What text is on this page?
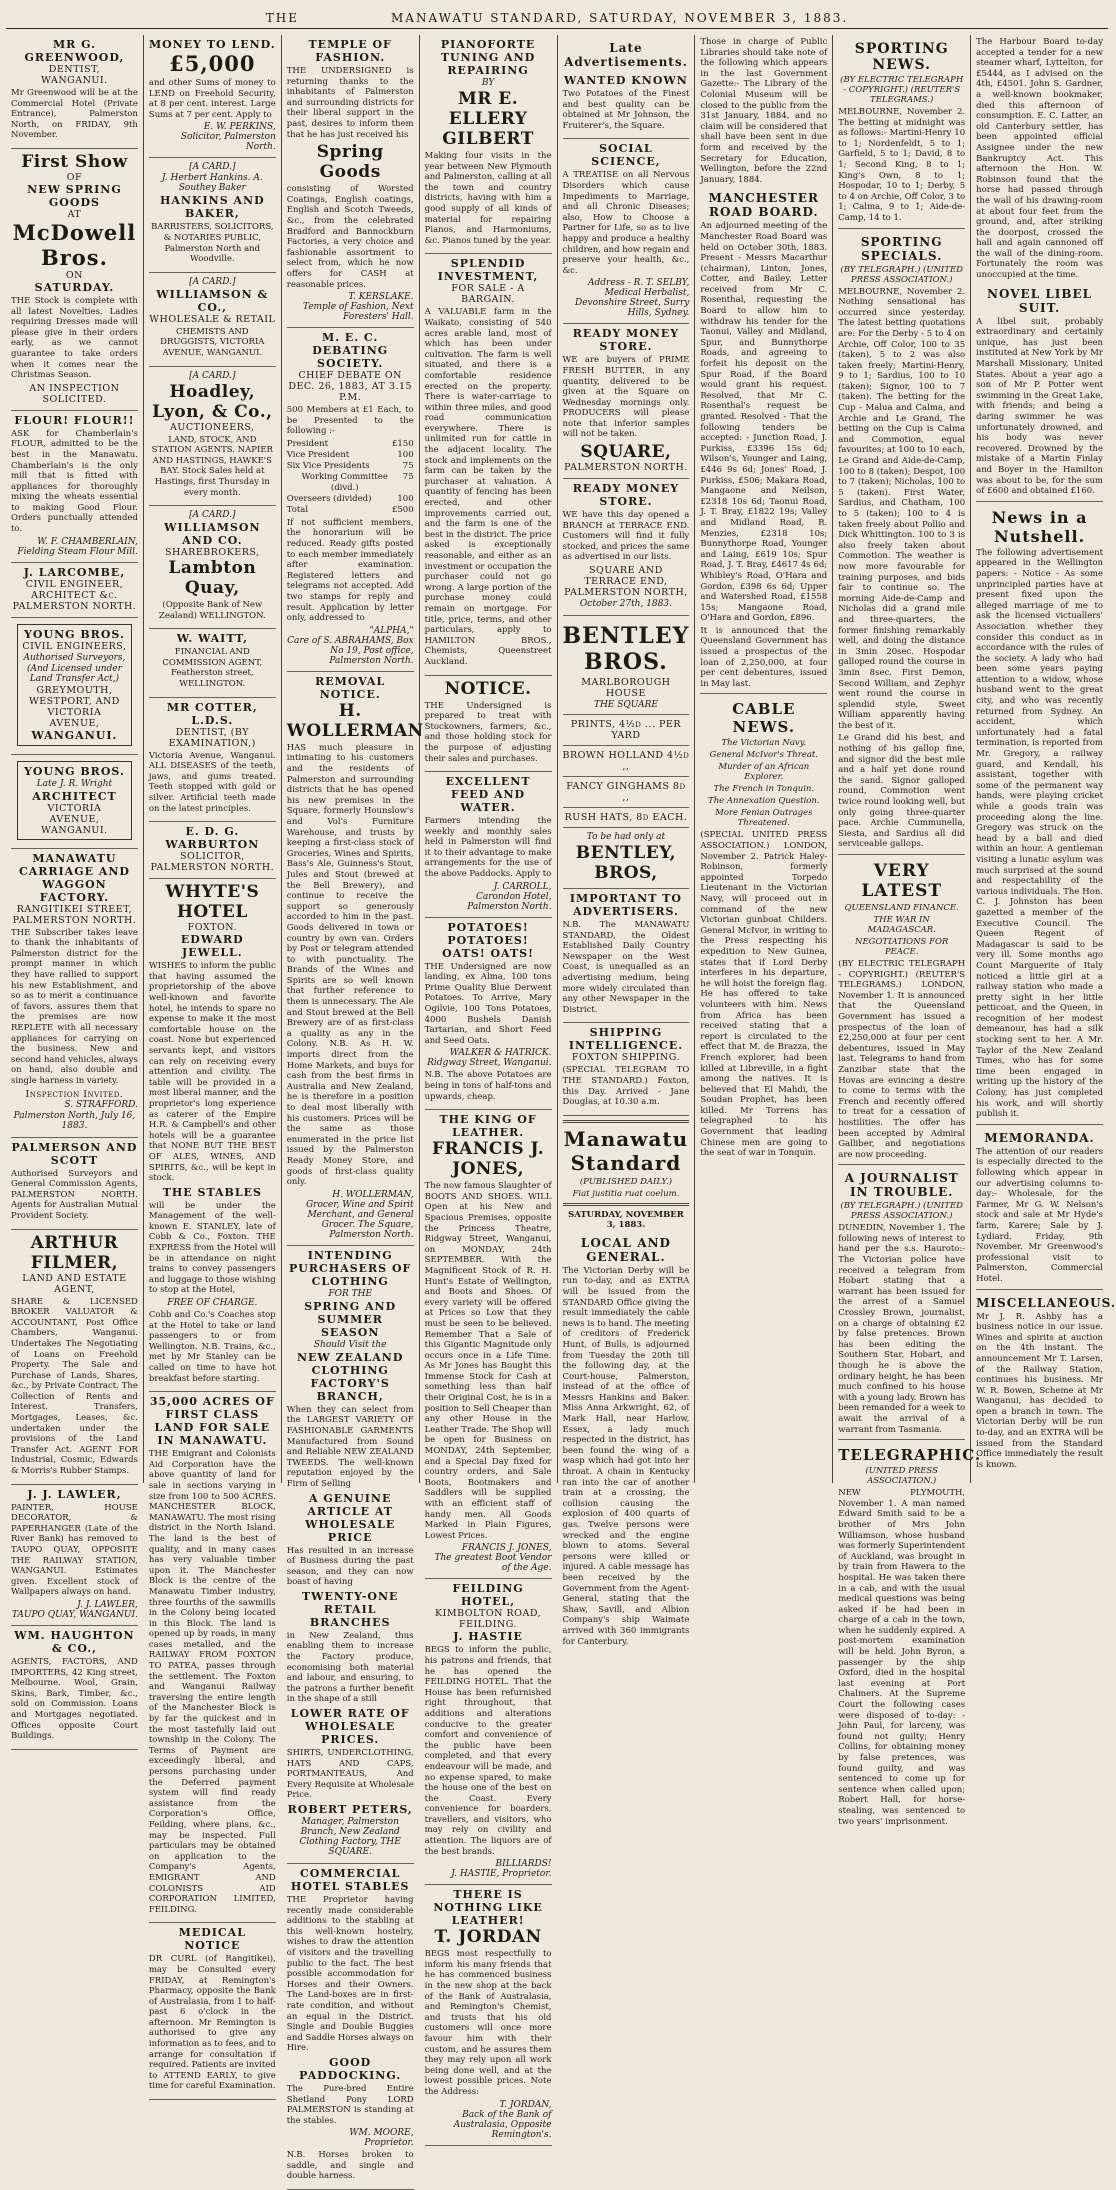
THE	MANAWATU STANDARD, SATURDAY, NOVEMBER 3, 1883.
MR G. GREENWOOD,
DENTIST,
WANGANUI.
Mr Greenwood will be at the Commercial Hotel (Private Entrance), Palmerston North, on FRIDAY, 9th November.
First Show
OF
NEW SPRING GOODS
AT
McDowell Bros.
ON
SATURDAY.
THE Stock is complete with all latest Novelties. Ladies requiring Dresses made will please give in their orders early, as we cannot guarantee to take orders when it comes near the Christmas Season.
AN INSPECTION SOLICITED.
FLOUR! FLOUR!!
ASK for Chamberlain's FLOUR, admitted to be the best in the Manawatu. Chamberlain's is the only mill that is fitted with appliances for thoroughly mixing the wheats essential to making Good Flour. Orders punctually attended to.
W. F. CHAMBERLAIN,
Fielding Steam Flour Mill.
J. LARCOMBE,
CIVIL ENGINEER,
ARCHITECT &c.
PALMERSTON NORTH.
YOUNG BROS.
CIVIL ENGINEERS,
Authorised Surveyors,
(And Licensed under Land Transfer Act,)
GREYMOUTH, WESTPORT, AND VICTORIA AVENUE,
WANGANUI.
YOUNG BROS.
Late J. R. Wright
ARCHITECT
VICTORIA AVENUE, WANGANUI.
MANAWATU CARRIAGE AND WAGGON FACTORY.
RANGITIKEI STREET, PALMERSTON NORTH.
THE Subscriber takes leave to thank the inhabitants of Palmerston district for the prompt manner in which they have rallied to support his new Establishment, and so as to merit a continuance of favors, assures them that the premises are now REPLETE with all necessary appliances for carrying on the business. New and second hand vehicles, always on hand, also double and single harness in variety.
Inspection Invited.
S. STRAFFORD.
Palmerston North, July 16, 1883.
PALMERSON AND SCOTT
Authorised Surveyors and General Commission Agents, PALMERSTON NORTH. Agents for Australian Mutual Provident Society.
ARTHUR FILMER,
LAND AND ESTATE AGENT,
SHARE & LICENSED BROKER VALUATOR & ACCOUNTANT, Post Office Chambers, Wanganui. Undertakes The Negotiating of Loans on Freehold Property. The Sale and Purchase of Lands, Shares, &c., by Private Contract. The Collection of Rents and Interest. Transfers, Mortgages, Leases, &c. undertaken under the provisions of the Land Transfer Act. AGENT FOR Industrial, Cosmic, Edwards & Morris's Rubber Stamps.
J. J. LAWLER,
PAINTER, HOUSE DECORATOR, & PAPERHANGER (Late of the River Bank) has removed to TAUPO QUAY, OPPOSITE THE RAILWAY STATION, WANGANUI. Estimates given. Excellent stock of Wallpapers always on hand.
J. J. LAWLER,
TAUPO QUAY, WANGANUI.
WM. HAUGHTON & CO.,
AGENTS, FACTORS, AND IMPORTERS, 42 King street, Melbourne. Wool, Grain, Skins, Bark, Timber, &c., sold on Commission. Loans and Mortgages negotiated. Offices opposite Court Buildings.
MONEY TO LEND.
£5,000
and other Sums of money to LEND on Freehold Security, at 8 per cent. interest. Large Sums at 7 per cent. Apply to
E. W. PERKINS,
Solicitor, Palmerston North.
[A CARD.]
J. Herbert Hankins. A. Southey Baker
HANKINS AND BAKER,
BARRISTERS, SOLICITORS, & NOTARIES PUBLIC, Palmerston North and Woodville.
[A CARD.]
WILLIAMSON & CO.,
WHOLESALE & RETAIL
CHEMISTS AND DRUGGISTS, VICTORIA AVENUE, WANGANUI.
[A CARD.]
Hoadley, Lyon, & Co.,
AUCTIONEERS,
LAND, STOCK, AND STATION AGENTS. NAPIER AND HASTINGS, HAWKE'S BAY. Stock Sales held at Hastings, first Thursday in every month.
[A CARD.]
WILLIAMSON AND CO.
SHAREBROKERS,
Lambton Quay,
(Opposite Bank of New Zealand) WELLINGTON.
W. WAITT,
FINANCIAL AND COMMISSION AGENT, Featherston street, WELLINGTON.
MR COTTER, L.D.S.
DENTIST, (BY EXAMINATION,)
Victoria Avenue, Wanganui. ALL DISEASES of the teeth, jaws, and gums treated. Teeth stopped with gold or silver. Artificial teeth made on the latest principles.
E. D. G. WARBURTON
SOLICITOR,
PALMERSTON NORTH.
WHYTE'S HOTEL
FOXTON.
EDWARD JEWELL.
WISHES to inform the public that having assumed the proprietorship of the above well-known and favorite hotel, he intends to spare no expense to make it the most comfortable house on the coast. None but experienced servants kept, and visitors can rely on receiving every attention and civility. The table will be provided in a most liberal manner, and the proprietor's long experience as caterer of the Empire H.R. & Campbell's and other hotels will be a guarantee that NONE BUT THE BEST OF ALES, WINES, AND SPIRITS, &c., will be kept in stock.
THE STABLES
will be under the Management of the well-known E. STANLEY, late of Cobb & Co., Foxton. THE EXPRESS from the Hotel will be in attendance on night trains to convey passengers and luggage to those wishing to stop at the Hotel,
FREE OF CHARGE.
Cobb and Co.'s Coaches stop at the Hotel to take or land passengers to or from Wellington. N.B. Trains, &c., met by Mr Stanley can be called on time to have hot breakfast before starting.
35,000 ACRES OF FIRST CLASS LAND FOR SALE IN MANAWATU.
THE Emigrant and Colonists Aid Corporation have the above quantity of land for sale in sections varying in size from 100 to 500 ACRES. MANCHESTER BLOCK, MANAWATU. The most rising district in the North Island. The land is the best of quality, and in many cases has very valuable timber upon it. The Manchester Block is the centre of the Manawatu Timber industry, three fourths of the sawmills in the Colony being located in this Block. The land is opened up by roads, in many cases metalled, and the RAILWAY FROM FOXTON TO PATEA, passes through the settlement. The Foxton and Wanganui Railway traversing the entire length of the Manchester Block is by far the quickest and in the most tastefully laid out township in the Colony. The Terms of Payment are exceedingly liberal, and persons purchasing under the Deferred payment system will find ready assistance from the Corporation's Office, Feilding, where plans, &c., may be inspected. Full particulars may be obtained on application to the Company's Agents, EMIGRANT AND COLONISTS AID CORPORATION LIMITED, FEILDING.
MEDICAL NOTICE
DR CURL (of Rangitikei), may be Consulted every FRIDAY, at Remington's Pharmacy, opposite the Bank of Australasia, from 1 to half-past 6 o'clock in the afternoon. Mr Remington is authorised to give any information as to fees, and to arrange for consultation if required. Patients are invited to ATTEND EARLY, to give time for careful Examination.
TEMPLE OF FASHION.
THE UNDERSIGNED is returning thanks to the inhabitants of Palmerston and surrounding districts for their liberal support in the past, desires to inform them that he has just received his
Spring Goods
consisting of Worsted Coatings, English coatings, English and Scotch Tweeds, &c., from the celebrated Bradford and Bannockburn Factories, a very choice and fashionable assortment to select from, which he now offers for CASH at reasonable prices.
T. KERSLAKE.
Temple of Fashion, Next Foresters' Hall.
M. E. C. DEBATING SOCIETY.
CHIEF DEBATE ON DEC. 26, 1883, AT 3.15 P.M.
500 Members at £1 Each, to be Presented to the following :-
President	£150
Vice President	100
Six Vice Presidents	75
Working Committee (divd.)
75
Overseers (divided)	100
Total	£500
If not sufficient members, the honorarium will be reduced. Ready gifts posted to each member immediately after examination. Registered letters and telegrams not accepted. Add two stamps for reply and result. Application by letter only, addressed to
"ALPHA,"
Care of S. ABRAHAMS, Box No 19, Post office, Palmerston North.
REMOVAL NOTICE.
H. WOLLERMAN
HAS much pleasure in intimating to his customers and the residents of Palmerston and surrounding districts that he has opened his new premises in the Square, formerly Hounslow's and Vol's Furniture Warehouse, and trusts by keeping a first-class stock of Groceries, Wines and Spirits, Bass's Ale, Guinness's Stout, Jules and Stout (brewed at the Bell Brewery), and continue to receive the support so generously accorded to him in the past. Goods delivered in town or country by own van. Orders by Post or telegram attended to with punctuality. The Brands of the Wines and Spirits are so well known that further reference to them is unnecessary. The Ale and Stout brewed at the Bell Brewery are of as first-class a quality as any in the Colony. N.B. As H. W. imports direct from the Home Markets, and buys for cash from the best firms in Australia and New Zealand, he is therefore in a position to deal most liberally with his customers. Prices will be the same as those enumerated in the price list issued by the Palmerston Ready Money Store, and goods of first-class quality only.
H. WOLLERMAN,
Grocer, Wine and Spirit Merchant, and General Grocer. The Square, Palmerston North.
INTENDING PURCHASERS OF CLOTHING
FOR THE
SPRING AND SUMMER SEASON
Should Visit the
NEW ZEALAND CLOTHING FACTORY'S BRANCH,
When they can select from the LARGEST VARIETY OF FASHIONABLE GARMENTS Manufactured from Sound and Reliable NEW ZEALAND TWEEDS. The well-known reputation enjoyed by the Firm of Selling
A GENUINE ARTICLE AT WHOLESALE PRICE
Has resulted in an increase of Business during the past season, and they can now boast of having
TWENTY-ONE RETAIL BRANCHES
in New Zealand, thus enabling them to increase the Factory produce, economising both material and labour, and ensuring, to the patrons a further benefit in the shape of a still
LOWER RATE OF WHOLESALE PRICES.
SHIRTS, UNDERCLOTHING, HATS AND CAPS, PORTMANTEAUS, And Every Requisite at Wholesale Price.
ROBERT PETERS,
Manager, Palmerston Branch, New Zealand Clothing Factory, THE SQUARE.
COMMERCIAL HOTEL STABLES
THE Proprietor having recently made considerable additions to the stabling at this well-known hostelry, wishes to draw the attention of visitors and the travelling public to the fact. The best possible accommodation for Horses and their Owners. The Land-boxes are in first-rate condition, and without an equal in the District. Single and Double Buggies and Saddle Horses always on Hire.
GOOD PADDOCKING.
The Pure-bred Entire Shetland Pony LORD PALMERSTON is standing at the stables.
WM. MOORE,
Proprietor.
N.B. Horses broken to saddle, and single and double harness.
PIANOFORTE TUNING AND REPAIRING
BY
MR E. ELLERY GILBERT
Making four visits in the year between New Plymouth and Palmerston, calling at all the town and country districts, having with him a good supply of all kinds of material for repairing Pianos, and Harmoniums, &c. Pianos tuned by the year.
SPLENDID INVESTMENT,
FOR SALE - A BARGAIN.
A VALUABLE farm in the Waikato, consisting of 540 acres arable land, most of which has been under cultivation. The farm is well situated, and there is a comfortable residence erected on the property. There is water-carriage to within three miles, and good road communication everywhere. There is unlimited run for cattle in the adjacent locality. The stock and implements on the farm can be taken by the purchaser at valuation. A quantity of fencing has been erected, and other improvements carried out, and the farm is one of the best in the district. The price asked is exceptionally reasonable, and either as an investment or occupation the purchaser could not go wrong. A large portion of the purchase money could remain on mortgage. For title, price, terms, and other particulars, apply to HAMILTON BROS., Chemists, Queenstreet Auckland.
NOTICE.
THE Undersigned is prepared to treat with Stockowners, farmers, &c., and those holding stock for the purpose of adjusting their sales and purchases.
EXCELLENT FEED AND WATER.
Farmers intending the weekly and monthly sales held in Palmerston will find it to their advantage to make arrangements for the use of the above Paddocks. Apply to
J. CARROLL,
Carondon Hotel, Palmerston North.
POTATOES! POTATOES!
OATS! OATS!
THE Undersigned are now landing, ex Alma, 100 tons Prime Quality Blue Derwent Potatoes. To Arrive, Mary Ogilvie, 100 Tons Potatoes, 4000 Bushels Danish Tartarian, and Short Feed and Seed Oats.
WALKER & HATRICK.
Ridgway Street, Wanganui.
N.B. The above Potatoes are being in tons of half-tons and upwards, cheap.
THE KING OF LEATHER.
FRANCIS J. JONES,
The now famous Slaughter of BOOTS AND SHOES. WILL Open at his New and Spacious Premises, opposite the Princess Theatre, Ridgway Street, Wanganui, on MONDAY, 24th SEPTEMBER. With the Magnificent Stock of R. H. Hunt's Estate of Wellington, and Boots and Shoes. Of every variety will be offered at Prices so Low that they must be seen to be believed. Remember That a Sale of this Gigantic Magnitude only occurs once in a Life Time. As Mr Jones has Bought this Immense Stock for Cash at something less than half their Original Cost, he is in a position to Sell Cheaper than any other House in the Leather Trade. The Shop will be open for Business on MONDAY, 24th September, and a Special Day fixed for country orders, and Sale Boots, Bootmakers and Saddlers will be supplied with an efficient staff of handy men. All Goods Marked in Plain Figures, Lowest Prices.
FRANCIS J. JONES,
The greatest Boot Vendor of the Age.
FEILDING HOTEL,
KIMBOLTON ROAD, FEILDING.
J. HASTIE
BEGS to inform the public, his patrons and friends, that he has opened the FEILDING HOTEL. That the House has been refurnished right throughout, that additions and alterations conducive to the greater comfort and convenience of the public have been completed, and that every endeavour will be made, and no expense spared, to make the house one of the best on the Coast. Every convenience for boarders, travellers, and visitors, who may rely on civility and attention. The liquors are of the best brands.
BILLIARDS!
J. HASTIE, Proprietor.
THERE IS NOTHING LIKE LEATHER!
T. JORDAN
BEGS most respectfully to inform his many friends that he has commenced business in the new shop at the back of the Bank of Australasia, and Remington's Chemist, and trusts that his old customers will once more favour him with their custom, and he assures them they may rely upon all work being done well, and at the lowest possible prices. Note the Address:
T. JORDAN,
Back of the Bank of Australasia, Opposite Remington's.
Late Advertisements.
WANTED KNOWN
Two Potatoes of the Finest and best quality can be obtained at Mr Johnson, the Fruiterer's, the Square.
SOCIAL SCIENCE,
A TREATISE on all Nervous Disorders which cause Impediments to Marriage, and all Chronic Diseases; also, How to Choose a Partner for Life, so as to live happy and produce a healthy children, and how regain and preserve your health, &c., &c.
Address - R. T. SELBY, Medical Herbalist,
Devonshire Street, Surry Hills, Sydney.
READY MONEY STORE.
WE are buyers of PRIME FRESH BUTTER, in any quantity, delivered to be given at the Square on Wednesday mornings only. PRODUCERS will please note that inferior samples will not be taken.
SQUARE,
PALMERSTON NORTH.
READY MONEY STORE.
WE have this day opened a BRANCH at TERRACE END. Customers will find it fully stocked, and prices the same as advertised in our lists.
SQUARE AND TERRACE END,
PALMERSTON NORTH,
October 27th, 1883.
BENTLEY BROS.
MARLBOROUGH HOUSE
THE SQUARE
PRINTS, 4½d ... PER YARD
BROWN HOLLAND 4½d ,,
FANCY GINGHAMS 8d ,,
RUSH HATS, 8d EACH.
To be had only at
BENTLEY, BROS,
IMPORTANT TO ADVERTISERS.
N.B. The MANAWATU STANDARD, the Oldest Established Daily Country Newspaper on the West Coast, is unequalled as an advertising medium, being more widely circulated than any other Newspaper in the District.
SHIPPING INTELLIGENCE.
FOXTON SHIPPING.
(SPECIAL TELEGRAM TO THE STANDARD.) Foxton, this Day. Arrived - Jane Douglas, at 10.30 a.m.
Manawatu Standard
(PUBLISHED DAILY.)
Fiat justitia ruat coelum.
SATURDAY, NOVEMBER 3, 1883.
LOCAL AND GENERAL.
The Victorian Derby will be run to-day, and as EXTRA will be issued from the STANDARD Office giving the result immediately the cable news is to hand. The meeting of creditors of Frederick Hunt, of Bulls, is adjourned from Tuesday the 20th till the following day, at the Court-house, Palmerston, instead of at the office of Messrs Hankins and Baker. Miss Anna Arkwright, 62, of Mark Hall, near Harlow, Essex, a lady much respected in the district, has been found the wing of a wasp which had got into her throat. A chain in Kentucky ran into the car of another train at a crossing, the collision causing the explosion of 400 quarts of gas. Twelve persons were wrecked and the engine blown to atoms. Several persons were killed or injured. A cable message has been received by the Government from the Agent-General, stating that the Shaw, Savill, and Albion Company's ship Waimate arrived with 360 immigrants for Canterbury.
Those in charge of Public Libraries should take note of the following which appears in the last Government Gazette:- The Library of the Colonial Museum will be closed to the public from the 31st January, 1884, and no claim will be considered that shall have been sent in due form and received by the Secretary for Education, Wellington, before the 22nd January, 1884.
MANCHESTER ROAD BOARD.
An adjourned meeting of the Manchester Road Board was held on October 30th, 1883. Present - Messrs Macarthur (chairman), Linton, Jones, Cotter, and Bailey. Letter received from Mr C. Rosenthal, requesting the Board to allow him to withdraw his tender for the Taonui, Valley and Midland, Spur, and Bunnythorpe Roads, and agreeing to forfeit his deposit on the Spur Road, if the Board would grant his request. Resolved, that Mr C. Rosenthal's request be granted. Resolved - That the following tenders be accepted: - Junction Road, J. Purkiss, £3396 15s 6d; Wilson's, Younger and Laing, £446 9s 6d; Jones' Road, J. Purkiss, £506; Makara Road, Mangaone and Neilson, £2318 10s 6d; Taonui Road, J. T. Bray, £1822 19s; Valley and Midland Road, R. Menzies, £2318 10s; Bunnythorpe Road, Younger and Laing, £619 10s; Spur Road, J. T. Bray, £4617 4s 6d; Whibley's Road, O'Hara and Gordon, £398 6s 6d; Upper and Watershed Road, £1558 15s; Mangaone Road, O'Hara and Gordon, £896.
It is announced that the Queensland Government has issued a prospectus of the loan of 2,250,000, at four per cent debentures, issued in May last.
CABLE NEWS.
The Victorian Navy.
General McIvor's Threat.
Murder of an African Explorer.
The French in Tonquin.
The Annexation Question.
More Fenian Outrages Threatened.
(SPECIAL UNITED PRESS ASSOCIATION.) LONDON, November 2. Patrick Haley-Robinson, formerly appointed Torpedo Lieutenant in the Victorian Navy, will proceed out in command of the new Victorian gunboat Childers. General McIvor, in writing to the Press respecting his expedition to New Guinea, states that if Lord Derby interferes in his departure, he will hoist the foreign flag. He has offered to take volunteers with him. News from Africa has been received stating that a report is circulated to the effect that M. de Brazza, the French explorer, had been killed at Libreville, in a fight among the natives. It is believed that El Mahdi, the Soudan Prophet, has been killed. Mr Torrens has telegraphed to his Government that leading Chinese men are going to the seat of war in Tonquin.
SPORTING NEWS.
(BY ELECTRIC TELEGRAPH - COPYRIGHT.) (REUTER'S TELEGRAMS.)
MELBOURNE, November 2. The betting at midnight was as follows:- Martini-Henry 10 to 1; Nordenfeldt, 5 to 1; Garfield, 5 to 1; David, 8 to 1; Second King, 8 to 1; King's Own, 8 to 1; Hospodar, 10 to 1; Derby, 5 to 4 on Archie, Off Color, 3 to 1; Calma, 9 to 1; Aide-de-Camp, 14 to 1.
SPORTING SPECIALS.
(BY TELEGRAPH.) (UNITED PRESS ASSOCIATION.)
MELBOURNE, November 2. Nothing sensational has occurred since yesterday. The latest betting quotations are: For the Derby - 5 to 4 on Archie, Off Color, 100 to 35 (taken), 5 to 2 was also taken freely; Martini-Henry, 9 to 1; Sardius, 100 to 10 (taken); Signor, 100 to 7 (taken). The betting for the Cup - Malua and Calma, and Archie and Le Grand, The betting on the Cup is Calma and Commotion, equal favourites; at 100 to 10 each, Le Grand and Aide-de-Camp, 100 to 8 (taken); Despot, 100 to 7 (taken); Nicholas, 100 to 5 (taken). First Water, Sardius, and Chatham, 100 to 5 (taken); 100 to 4 is taken freely about Pollio and Dick Whittington. 100 to 3 is also freely taken about Commotion. The weather is now more favourable for training purposes, and bids fair to continue so. The morning Aide-de-Camp and Nicholas did a grand mile and three-quarters, the former finishing remarkably well, and doing the distance in 3min 20sec. Hospodar galloped round the course in 3min 8sec. First Demon, Second William, and Zephyr went round the course in splendid style, Sweet William apparently having the best of it.
Le Grand did his best, and nothing of his gallop fine, and signor did the best mile and a half yet done round the sand. Signor galloped round, Commotion went twice round looking well, but only going three-quarter pace. Archie Cummunella, Siesta, and Sardius all did serviceable gallops.
VERY LATEST
QUEENSLAND FINANCE.
THE WAR IN MADAGASCAR.
NEGOTIATIONS FOR PEACE.
(BY ELECTRIC TELEGRAPH - COPYRIGHT.) (REUTER'S TELEGRAMS.) LONDON, November 1. It is announced that the Queensland Government has issued a prospectus of the loan of £2,250,000 at four per cent debentures, issued in May last. Telegrams to hand from Zanzibar state that the Hovas are evincing a desire to come to terms with the French and recently offered to treat for a cessation of hostilities. The offer has been accepted by Admiral Galliber, and negotiations are now proceeding.
A JOURNALIST IN TROUBLE.
(BY TELEGRAPH.) (UNITED PRESS ASSOCIATION.)
DUNEDIN, November 1. The following news of interest to hand per the s.s. Hauroto:- The Victorian police have received a telegram from Hobart stating that a warrant has been issued for the arrest of a Samuel Crossley Brown, journalist, on a charge of obtaining £2 by false pretences. Brown has been editing the Southern Star, Hobart, and though he is above the ordinary height, he has been much confined to his house with a young lady. Brown has been remanded for a week to await the arrival of a warrant from Tasmania.
TELEGRAPHIC.
(UNITED PRESS ASSOCIATION.)
NEW PLYMOUTH, November 1. A man named Edward Smith said to be a brother of Mrs John Williamson, whose husband was formerly Superintendent of Auckland, was brought in by train from Hawera to the hospital. He was taken there in a cab, and with the usual medical questions was being asked if he had been in charge of a cab in the town, when he suddenly expired. A post-mortem examination will be held. John Byron, a passenger by the ship Oxford, died in the hospital last evening at Port Chalmers. At the Supreme Court the following cases were disposed of to-day: - John Paul, for larceny, was found not guilty; Henry Collins, for obtaining money by false pretences, was found guilty, and was sentenced to come up for sentence when called upon; Robert Hall, for horse-stealing, was sentenced to two years' imprisonment.
The Harbour Board to-day accepted a tender for a new steamer wharf, Lyttelton, for £5444, as I advised on the 4th, £4501. John S. Gardner, a well-known bookmaker, died this afternoon of consumption. E. C. Latter, an old Canterbury settler, has been appointed official Assignee under the new Bankruptcy Act. This afternoon the Hon. W. Robinson found that the horse had passed through the wall of his drawing-room at about four feet from the ground, and, after striking the doorpost, crossed the hall and again cannoned off the wall of the dining-room. Fortunately the room was unoccupied at the time.
NOVEL LIBEL SUIT.
A libel suit, probably extraordinary and certainly unique, has just been instituted at New York by Mr Marshall Missionary, United States. About a year ago a son of Mr P. Potter went swimming in the Great Lake, with friends; and being a daring swimmer he was unfortunately drowned, and his body was never recovered. Drowned by the mistake of a Martin Finlay and Boyer in the Hamilton was about to be, for the sum of £600 and obtained £160.
News in a Nutshell.
The following advertisement appeared in the Wellington papers: - Notice - As some unprincipled parties have at present fixed upon the alleged marriage of me to ask the licensed victuallers' Association whether they consider this conduct as in accordance with the rules of the society. A lady who had been some years paying attention to a widow, whose husband went to the great city, and who was recently returned from Sydney. An accident, which unfortunately had a fatal termination, is reported from Mr. Gregory, a railway guard, and Kendall, his assistant, together with some of the permanent way hands, were playing cricket while a goods train was proceeding along the line. Gregory was struck on the head by a ball and died within an hour. A gentleman visiting a lunatic asylum was much surprised at the sound and respectability of the various individuals. The Hon. C. J. Johnston has been gazetted a member of the Executive Council. The Queen Regent of Madagascar is said to be very ill. Some months ago Count Marguerite of Italy noticed a little girl at a railway station who made a pretty sight in her little petticoat, and the Queen, in recognition of her modest demeanour, has had a silk stocking sent to her. A Mr. Taylor of the New Zealand Times, who has for some time been engaged in writing up the history of the Colony, has just completed his work, and will shortly publish it.
MEMORANDA.
The attention of our readers is especially directed to the following which appear in our advertising columns to-day:- Wholesale, for the Farmer, Mr G. W. Nelson's stock and sale at Mr Hyde's farm, Karere; Sale by J. Lydiard. Friday, 9th November. Mr Greenwood's professional visit to Palmerston, Commercial Hotel.
MISCELLANEOUS.
Mr J. R. Ashby has a business notice in our issue. Wines and spirits at auction on the 4th instant. The announcement Mr T. Larsen, of the Railway Station, continues his business. Mr W. R. Bowen, Scheme at Mr Wanganui, has decided to open a branch in town. The Victorian Derby will be run to-day, and an EXTRA will be issued from the Standard Office immediately the result is known.
